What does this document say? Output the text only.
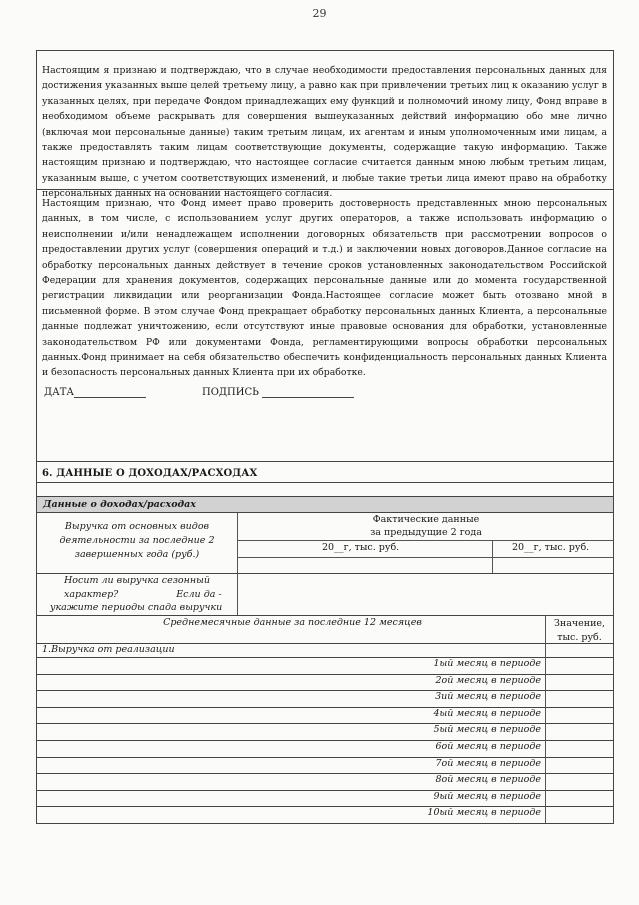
29

Настоящим я признаю и подтверждаю, что в случае необходимости предоставления персональных данных для достижения указанных выше целей третьему лицу, а равно как при привлечении третьих лиц к оказанию услуг в указанных целях, при передаче Фондом принадлежащих ему функций и полномочий иному лицу, Фонд вправе в необходимом объеме раскрывать для совершения вышеуказанных действий информацию обо мне лично (включая мои персональные данные) таким третьим лицам, их агентам и иным уполномоченным ими лицам, а также предоставлять таким лицам соответствующие документы, содержащие такую информацию. Также настоящим признаю и подтверждаю, что настоящее согласие считается данным мною любым третьим лицам, указанным выше, с учетом соответствующих изменений, и любые такие третьи лица имеют право на обработку персональных данных на основании настоящего согласия.

Настоящим признаю, что Фонд имеет право проверить достоверность представленных мною персональных данных, в том числе, с использованием услуг других операторов, а также использовать информацию о неисполнении и/или ненадлежащем исполнении договорных обязательств при рассмотрении вопросов о предоставлении других услуг (совершения операций и т.д.) и заключении новых договоров.Данное согласие на обработку персональных данных действует в течение сроков установленных законодательством Российской Федерации для хранения документов, содержащих персональные данные или до момента государственной регистрации ликвидации или реорганизации Фонда.Настоящее согласие может быть отозвано мной в письменной форме. В этом случае Фонд прекращает обработку персональных данных Клиента, а персональные данные подлежат уничтожению, если отсутствуют иные правовые основания для обработки, установленные законодательством РФ или документами Фонда, регламентирующими вопросы обработки персональных данных.Фонд принимает на себя обязательство обеспечить конфиденциальность персональных данных Клиента и безопасность персональных данных Клиента при их обработке.

ДАТА	ПОДПИСЬ
6. ДАННЫЕ О ДОХОДАХ/РАСХОДАХ
Данные о доходах/расходах
Выручка от основных видов
деятельности за последние 2
завершенных года (руб.)
Фактические данные
за предыдущие 2 года
20__г, тыс. руб.	20__г, тыс. руб.
Носит ли выручка сезонный
характер?	Если да -
укажите периоды спада выручки
Среднемесячные данные за последние 12 месяцев	Значение,
тыс. руб.
1.Выручка от реализации
1ый месяц в периоде
2ой месяц в периоде
3ий месяц в периоде
4ый месяц в периоде
5ый месяц в периоде
6ой месяц в периоде
7ой месяц в периоде
8ой месяц в периоде
9ый месяц в периоде
10ый месяц в периоде
